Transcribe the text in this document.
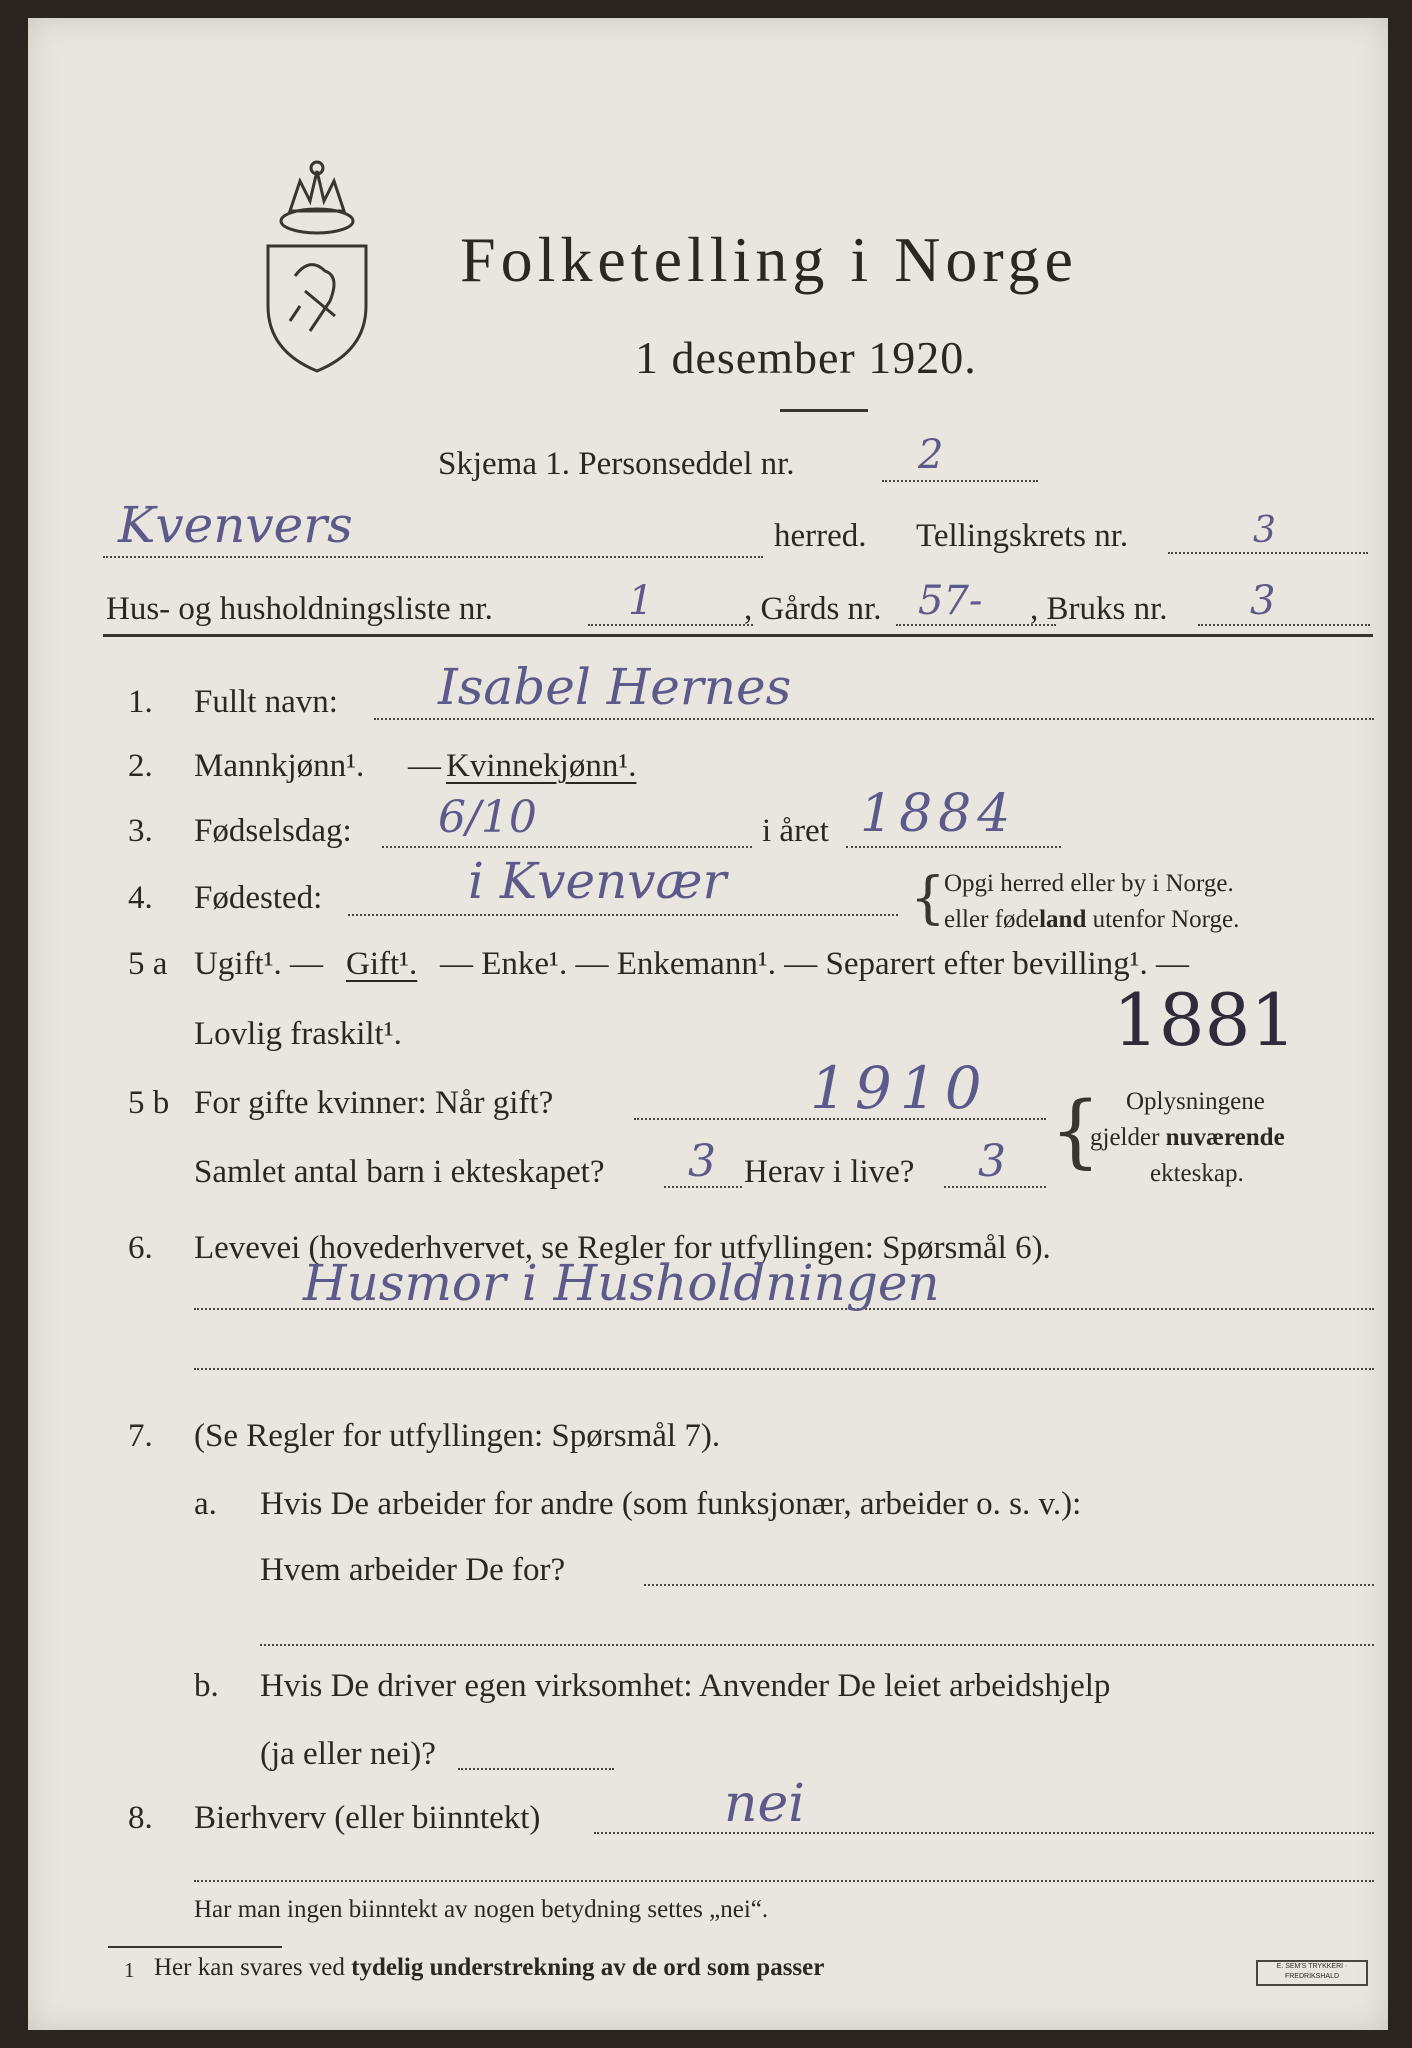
Folketelling i Norge
1 desember 1920.
Skjema 1. Personseddel nr.	2
Kvenvers	herred. Tellingskrets nr.	3
Hus- og husholdningsliste nr.	1	, Gårds nr. 57- , Bruks nr. 3
1. Fullt navn: Isabel Hernes
2. Mannkjønn¹. — Kvinnekjønn¹.
3. Fødselsdag: 6/10	i året 1884
4. Fødested:	i Kvenvær	{
Opgi herred eller by i Norge.
eller fødeland utenfor Norge.
5 a Ugift¹. — Gift¹. — Enke¹. — Enkemann¹. — Separert efter bevilling¹. —
Lovlig fraskilt¹.	1881
5 b For gifte kvinner: Når gift?	1910
Samlet antal barn i ekteskapet? 3 Herav i live? 3 { Oplysningene
gjelder nuværende
ekteskap.
6. Levevei (hovederhvervet, se Regler for utfyllingen: Spørsmål 6).
Husmor i Husholdningen
7. (Se Regler for utfyllingen: Spørsmål 7).
a. Hvis De arbeider for andre (som funksjonær, arbeider o. s. v.):
Hvem arbeider De for?
b. Hvis De driver egen virksomhet: Anvender De leiet arbeidshjelp
(ja eller nei)?
8. Bierhverv (eller biinntekt)	nei
Har man ingen biinntekt av nogen betydning settes „nei“.
1 Her kan svares ved tydelig understrekning av de ord som passer	E. SEM'S TRYKKERI · FREDRIKSHALD
